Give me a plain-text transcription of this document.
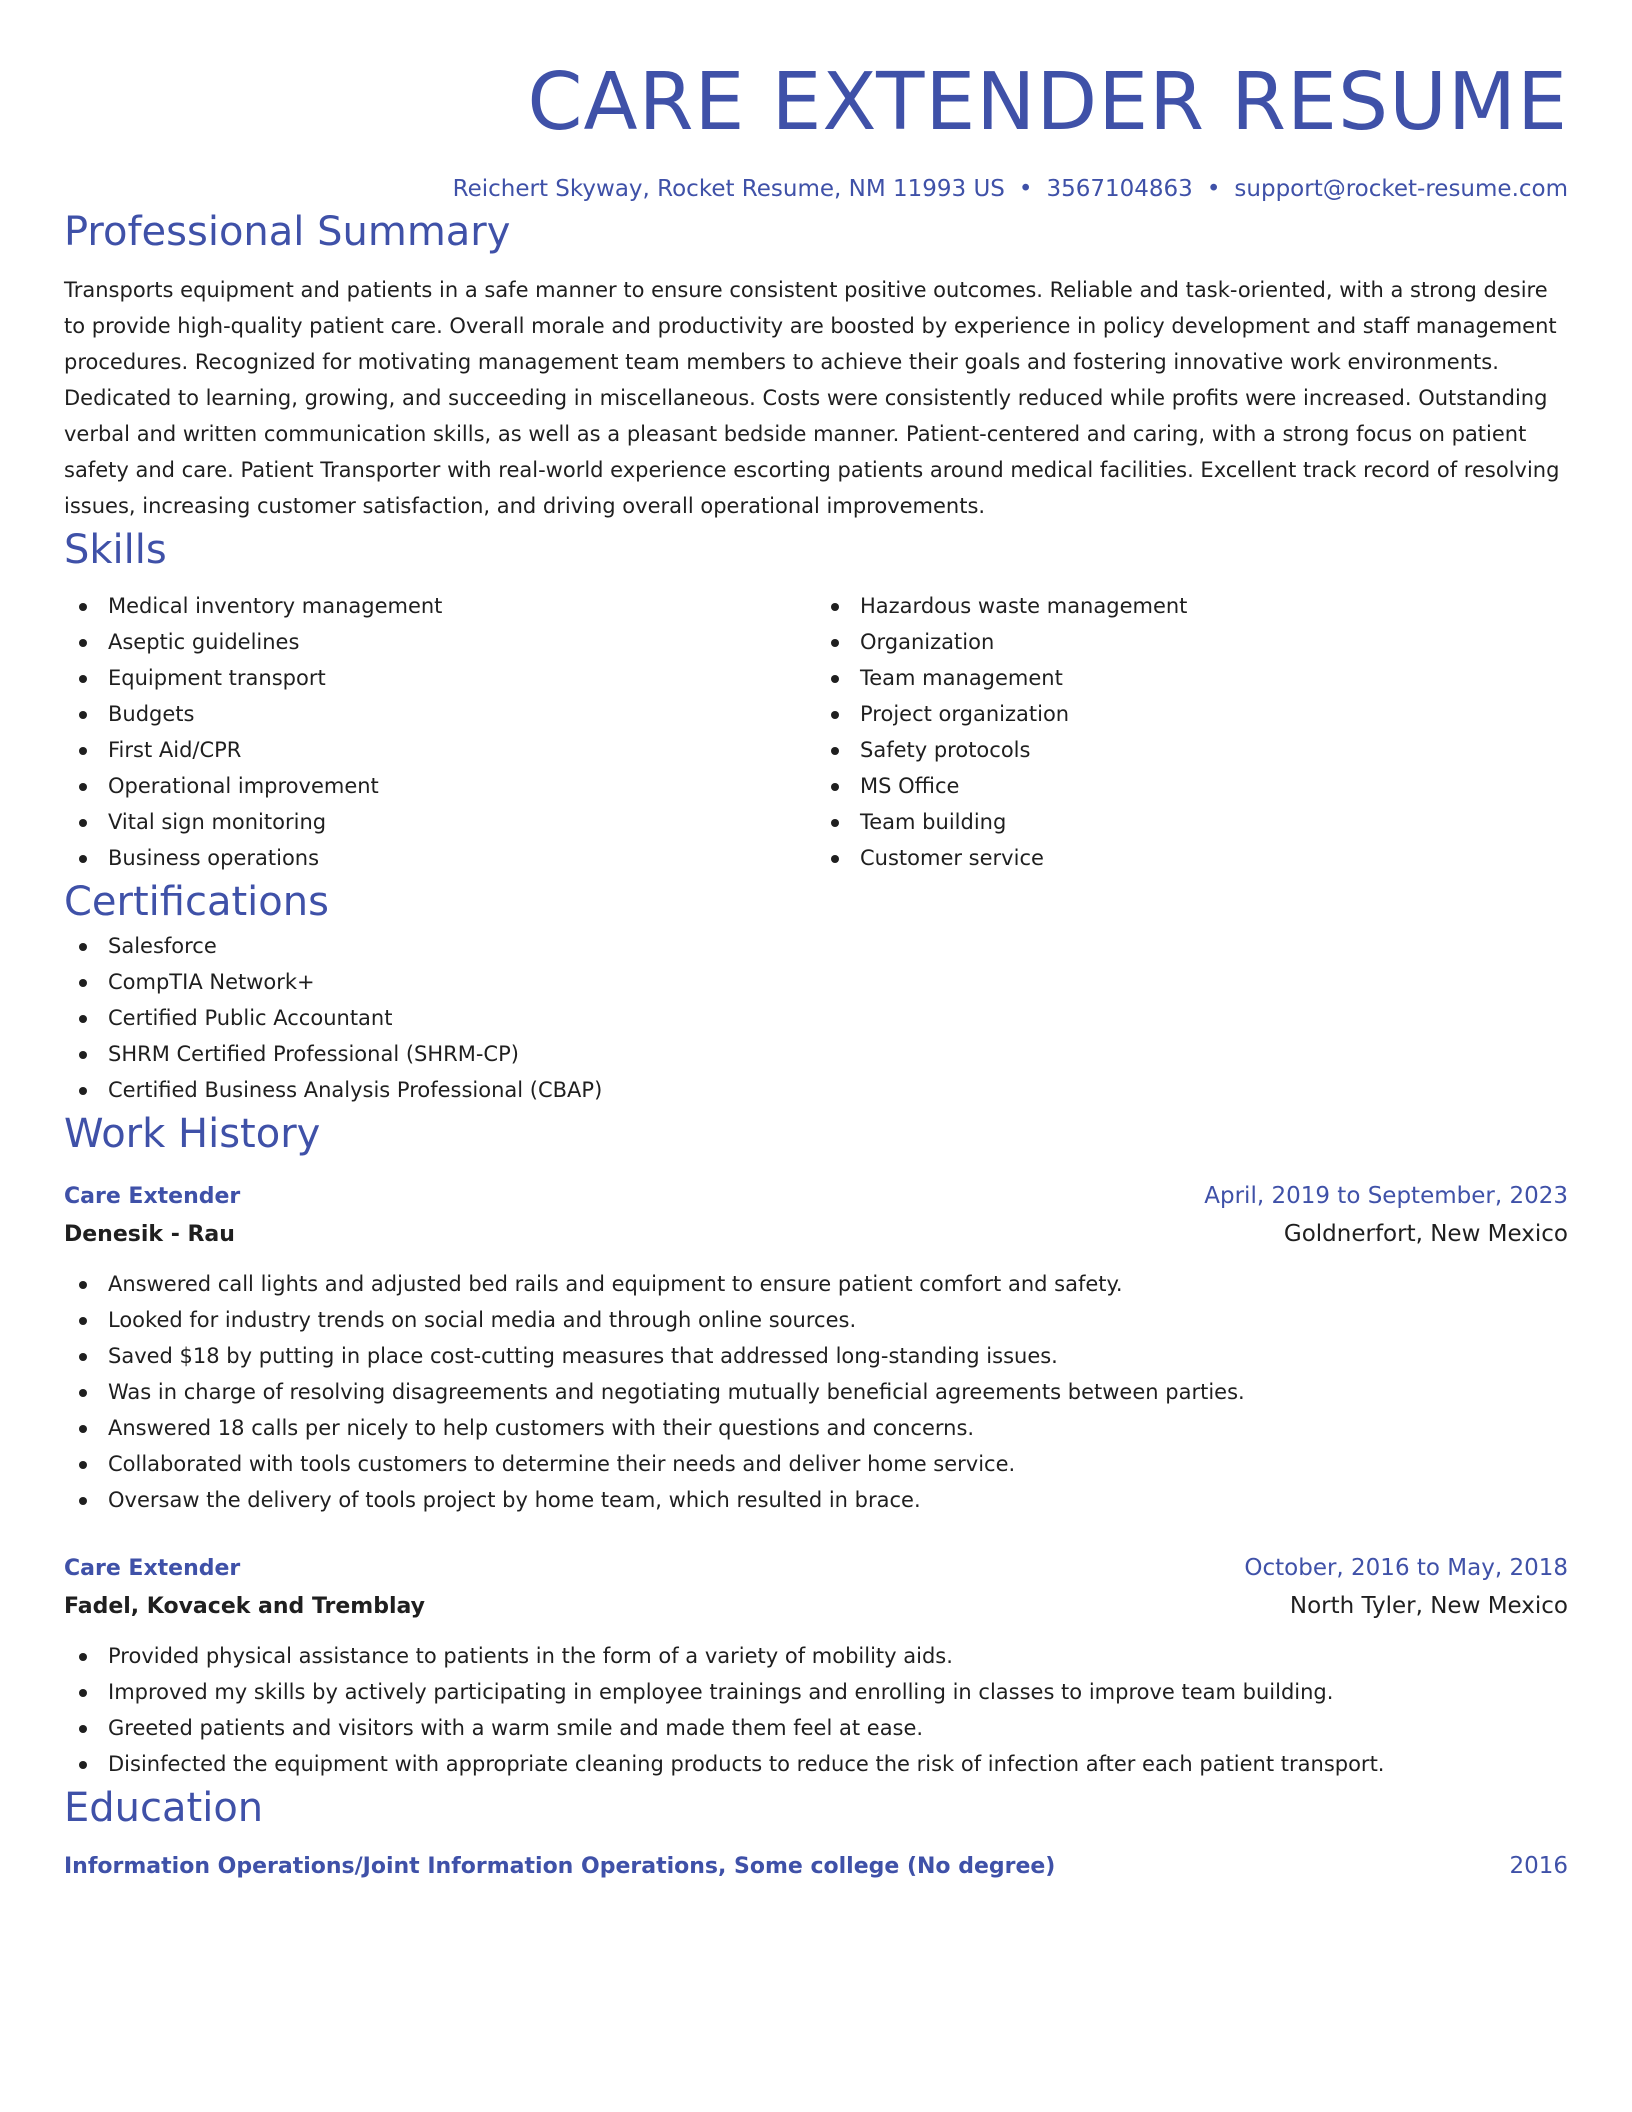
CARE EXTENDER RESUME
Reichert Skyway, Rocket Resume, NM 11993 US • 3567104863 • support@rocket-resume.com
Professional Summary
Transports equipment and patients in a safe manner to ensure consistent positive outcomes. Reliable and task-oriented, with a strong desire to provide high-quality patient care. Overall morale and productivity are boosted by experience in policy development and staff management procedures. Recognized for motivating management team members to achieve their goals and fostering innovative work environments. Dedicated to learning, growing, and succeeding in miscellaneous. Costs were consistently reduced while profits were increased. Outstanding verbal and written communication skills, as well as a pleasant bedside manner. Patient-centered and caring, with a strong focus on patient safety and care. Patient Transporter with real-world experience escorting patients around medical facilities. Excellent track record of resolving issues, increasing customer satisfaction, and driving overall operational improvements.
Skills
Medical inventory management
Aseptic guidelines
Equipment transport
Budgets
First Aid/CPR
Operational improvement
Vital sign monitoring
Business operations
Hazardous waste management
Organization
Team management
Project organization
Safety protocols
MS Office
Team building
Customer service
Certifications
Salesforce
CompTIA Network+
Certified Public Accountant
SHRM Certified Professional (SHRM-CP)
Certified Business Analysis Professional (CBAP)
Work History
Care Extender	April, 2019 to September, 2023
Denesik - Rau	Goldnerfort, New Mexico
Answered call lights and adjusted bed rails and equipment to ensure patient comfort and safety.
Looked for industry trends on social media and through online sources.
Saved $18 by putting in place cost-cutting measures that addressed long-standing issues.
Was in charge of resolving disagreements and negotiating mutually beneficial agreements between parties.
Answered 18 calls per nicely to help customers with their questions and concerns.
Collaborated with tools customers to determine their needs and deliver home service.
Oversaw the delivery of tools project by home team, which resulted in brace.
Care Extender	October, 2016 to May, 2018
Fadel, Kovacek and Tremblay	North Tyler, New Mexico
Provided physical assistance to patients in the form of a variety of mobility aids.
Improved my skills by actively participating in employee trainings and enrolling in classes to improve team building.
Greeted patients and visitors with a warm smile and made them feel at ease.
Disinfected the equipment with appropriate cleaning products to reduce the risk of infection after each patient transport.
Education
Information Operations/Joint Information Operations, Some college (No degree)	2016
